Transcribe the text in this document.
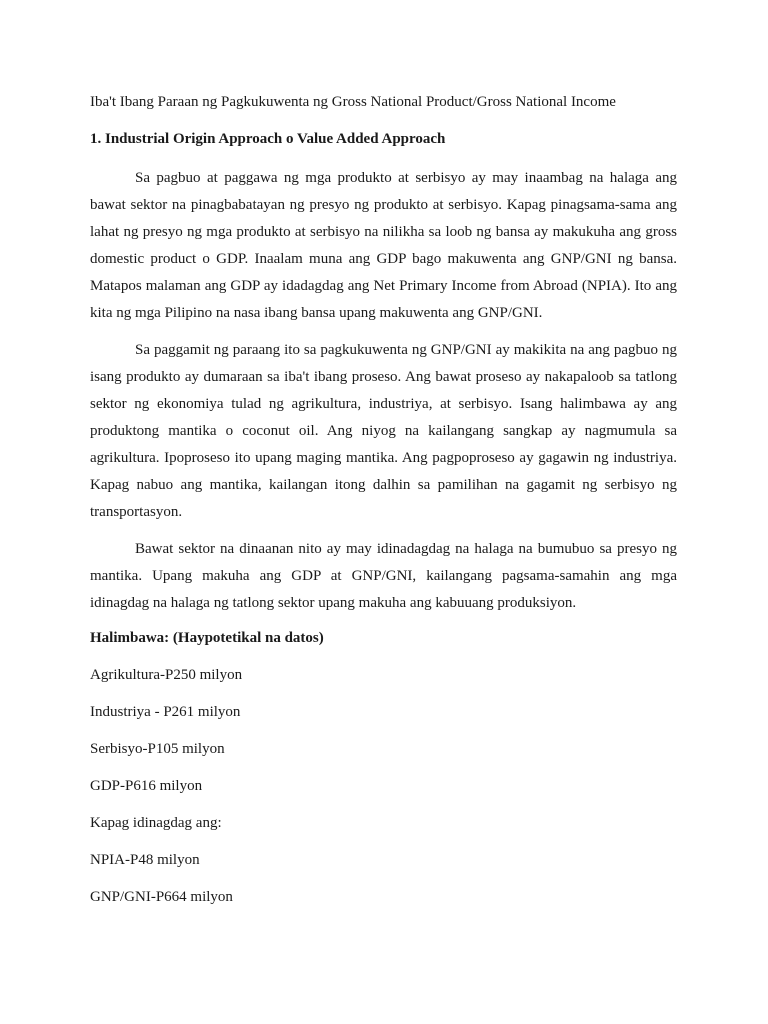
Iba't Ibang Paraan ng Pagkukuwenta ng Gross National Product/Gross National Income

1. Industrial Origin Approach o Value Added Approach

Sa pagbuo at paggawa ng mga produkto at serbisyo ay may inaambag na halaga ang bawat sektor na pinagbabatayan ng presyo ng produkto at serbisyo. Kapag pinagsama-sama ang lahat ng presyo ng mga produkto at serbisyo na nilikha sa loob ng bansa ay makukuha ang gross domestic product o GDP. Inaalam muna ang GDP bago makuwenta ang GNP/GNI ng bansa. Matapos malaman ang GDP ay idadagdag ang Net Primary Income from Abroad (NPIA). Ito ang kita ng mga Pilipino na nasa ibang bansa upang makuwenta ang GNP/GNI.

Sa paggamit ng paraang ito sa pagkukuwenta ng GNP/GNI ay makikita na ang pagbuo ng isang produkto ay dumaraan sa iba't ibang proseso. Ang bawat proseso ay nakapaloob sa tatlong sektor ng ekonomiya tulad ng agrikultura, industriya, at serbisyo. Isang halimbawa ay ang produktong mantika o coconut oil. Ang niyog na kailangang sangkap ay nagmumula sa agrikultura. Ipoproseso ito upang maging mantika. Ang pagpoproseso ay gagawin ng industriya. Kapag nabuo ang mantika, kailangan itong dalhin sa pamilihan na gagamit ng serbisyo ng transportasyon.

Bawat sektor na dinaanan nito ay may idinadagdag na halaga na bumubuo sa presyo ng mantika. Upang makuha ang GDP at GNP/GNI, kailangang pagsama-samahin ang mga idinagdag na halaga ng tatlong sektor upang makuha ang kabuuang produksiyon.

Halimbawa: (Haypotetikal na datos)

Agrikultura-P250 milyon

Industriya - P261 milyon

Serbisyo-P105 milyon

GDP-P616 milyon

Kapag idinagdag ang:

NPIA-P48 milyon

GNP/GNI-P664 milyon
